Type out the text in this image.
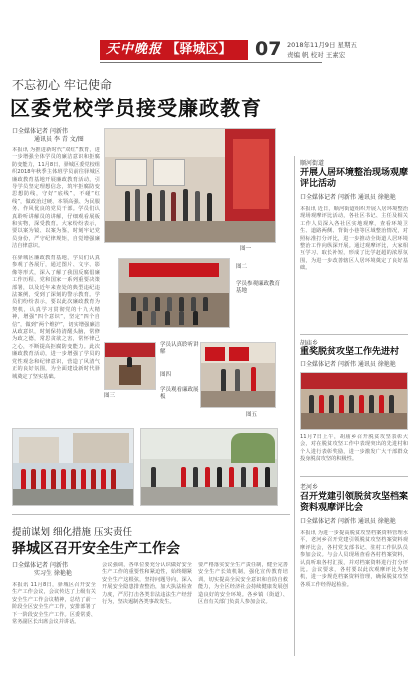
天中晚报 【驿城区】	07 2018年11月9日 星期五
责编 帆 校对 王素宏
不忘初心 牢记使命
区委党校学员接受廉政教育
口全媒体记者 闫新伟
通讯员 李 青 文/图
本报讯 为推进新时代“双红”教育，进一步增强全体学员的廉洁意识和拒腐防变能力，11月8日，驿城区委党校组织2018年秋季主体班学员前往驿城区廉政教育基地开展廉政教育活动，引导学员坚定理想信念，筑牢拒腐防变思想防线，守好“底线”，不碰“红线”，做政治过硬、本领高强、为民服务、作风优良的党员干部。学员们认真聆听讲解员的讲解，仔细观看展板和实物，深受教育。大家纷纷表示，要以案为镜、以案为鉴，时刻牢记党员身份，严守纪律规矩，自觉增强廉洁自律意识。
在驿城区廉政教育基地，学员们认真参观了各展厅，通过图片、文字、影像等形式，深入了解了我国反腐倡廉工作历程、党和国家一系列重要决策部署，以及近年来查处的典型违纪违法案例，受到了深刻的警示教育。学员们纷纷表示，要以此次廉政教育为契机，认真学习贯彻党的十九大精神，增强“四个意识”，坚定“四个自信”，做到“两个维护”，切实增强廉洁从政意识，时刻保持清醒头脑，常修为政之德，常思贪欲之害，常怀律己之心，不断提高拒腐防变能力。此次廉政教育活动，进一步增强了学员的党性观念和纪律意识，营造了风清气正的良好氛围，为全面建设新时代驿城奠定了坚实基础。
图一
图二
学员参观廉政教育基地
图三
学员认真聆听讲解
图四
学员观看廉政展板
图五
顺河街道
开展人居环境整治现场观摩评比活动
口全媒体记者 闫新伟 通讯员 徐艳艳
本报讯 近日，顺河街道组织开展人居环境整治现场观摩评比活动，各社区书记、主任及相关工作人员深入各社区实地观摩，查看环境卫生、道路两侧、背街小巷等区域整治情况，对照标准打分评比，进一步推动全街道人居环境整治工作向纵深开展。通过观摩评比，大家相互学习、取长补短，形成了比学赶超的浓厚氛围，为进一步改善辖区人居环境奠定了良好基础。
胡庙乡
重奖脱贫攻坚工作先进村
口全媒体记者 闫新伟 通讯员 徐艳艳
11月7日上午，胡庙乡召开脱贫攻坚表彰大会，对在脱贫攻坚工作中表现突出的先进村和个人进行表彰奖励，进一步激发广大干部群众投身脱贫攻坚的积极性。
老河乡
召开党建引领脱贫攻坚档案资料观摩评比会
口全媒体记者 闫新伟 通讯员 徐艳艳
本报讯 为进一步提高脱贫攻坚档案资料管理水平，老河乡召开党建引领脱贫攻坚档案资料观摩评比会，各村党支部书记、驻村工作队队员参加会议。与会人员现场查看各村档案资料，认真听取各村汇报，并对档案资料进行打分评比。会议要求，各村要以此次观摩评比为契机，进一步规范档案资料管理，确保脱贫攻坚各项工作经得起检验。
提前谋划 细化措施 压实责任
驿城区召开安全生产工作会
口全媒体记者 闫新伟
实习生 徐艳艳
本报讯 11月8日，驿城区召开安全生产工作会议，会议传达了上级有关安全生产工作会议精神，总结了前一阶段全区安全生产工作，安排部署了下一阶段安全生产工作。区委常委、常务副区长出席会议并讲话。
会议强调，各单位要充分认识做好安全生产工作的重要性和紧迫性，始终绷紧安全生产这根弦，坚持问题导向，深入开展安全隐患排查整治，加大执法检查力度，严厉打击各类非法违法生产经营行为，坚决遏制各类事故发生。
要严格落实安全生产责任制，健全完善安全生产长效机制，强化宣传教育培训，切实提高全民安全意识和自防自救能力，为全区经济社会持续健康发展创造良好的安全环境。各乡镇（街道）、区直有关部门负责人参加会议。
